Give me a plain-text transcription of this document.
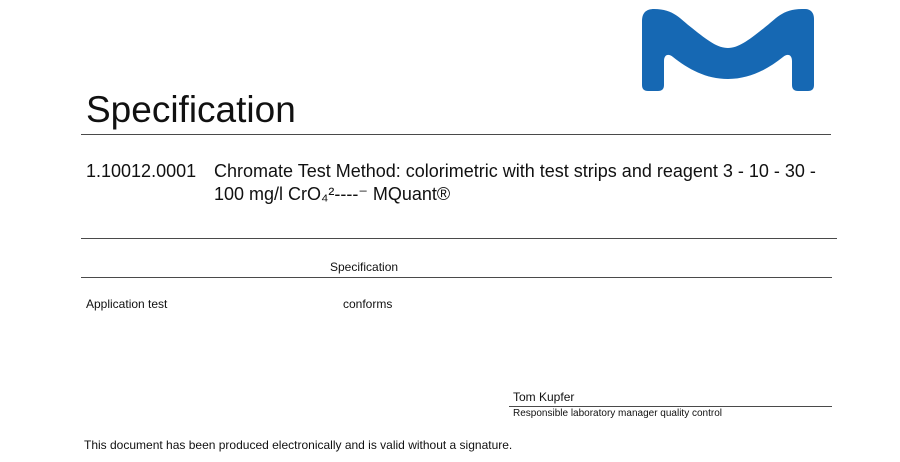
Specification
1.10012.0001 Chromate Test Method: colorimetric with test strips and reagent 3 - 10 - 30 - 100 mg/l CrO₄²----⁻ MQuant®
Specification
Application test	conforms
Tom Kupfer
Responsible laboratory manager quality control
This document has been produced electronically and is valid without a signature.
